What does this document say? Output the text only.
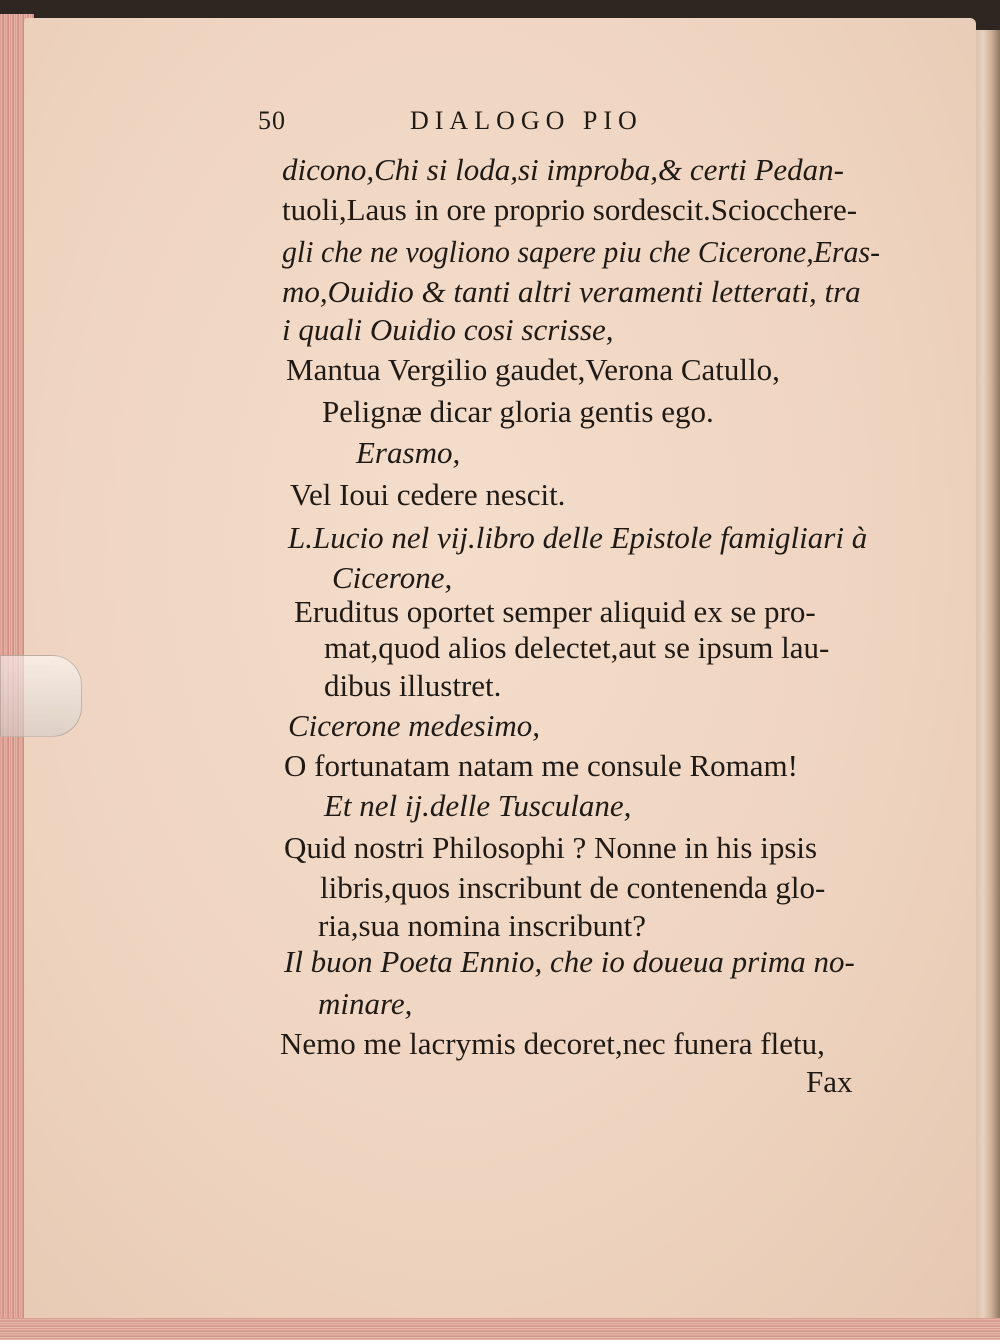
50	DIALOGO PIO
dicono,Chi si loda,si improba,& certi Pedan-
tuoli,Laus in ore proprio sordescit.Sciocchere-
gli che ne vogliono sapere piu che Cicerone,Eras-
mo,Ouidio & tanti altri veramenti letterati, tra
i quali Ouidio cosi scrisse,
Mantua Vergilio gaudet,Verona Catullo,
Pelignæ dicar gloria gentis ego.
Erasmo,
Vel Ioui cedere nescit.
L.Lucio nel vij.libro delle Epistole famigliari à
Cicerone,
Eruditus oportet semper aliquid ex se pro-
mat,quod alios delectet,aut se ipsum lau-
dibus illustret.
Cicerone medesimo,
O fortunatam natam me consule Romam!
Et nel ij.delle Tusculane,
Quid nostri Philosophi ? Nonne in his ipsis
libris,quos inscribunt de contenenda glo-
ria,sua nomina inscribunt?
Il buon Poeta Ennio, che io doueua prima no-
minare,
Nemo me lacrymis decoret,nec funera fletu,
Fax
